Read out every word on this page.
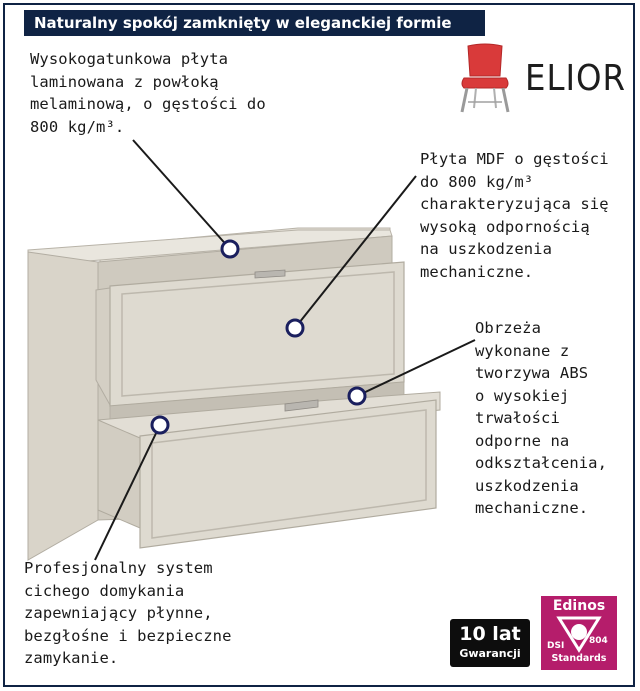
Naturalny spokój zamknięty w eleganckiej formie
Wysokogatunkowa płyta
laminowana z powłoką
melaminową, o gęstości do
800 kg/m³.
Płyta MDF o gęstości
do 800 kg/m³
charakteryzująca się
wysoką odpornością
na uszkodzenia
mechaniczne.
Obrzeża
wykonane z
tworzywa ABS
o wysokiej
trwałości
odporne na
odkształcenia,
uszkodzenia
mechaniczne.
Profesjonalny system
cichego domykania
zapewniający płynne,
bezgłośne i bezpieczne
zamykanie.
ELIOR
10 lat
Gwarancji
Edinos
DSI	804
Standards
